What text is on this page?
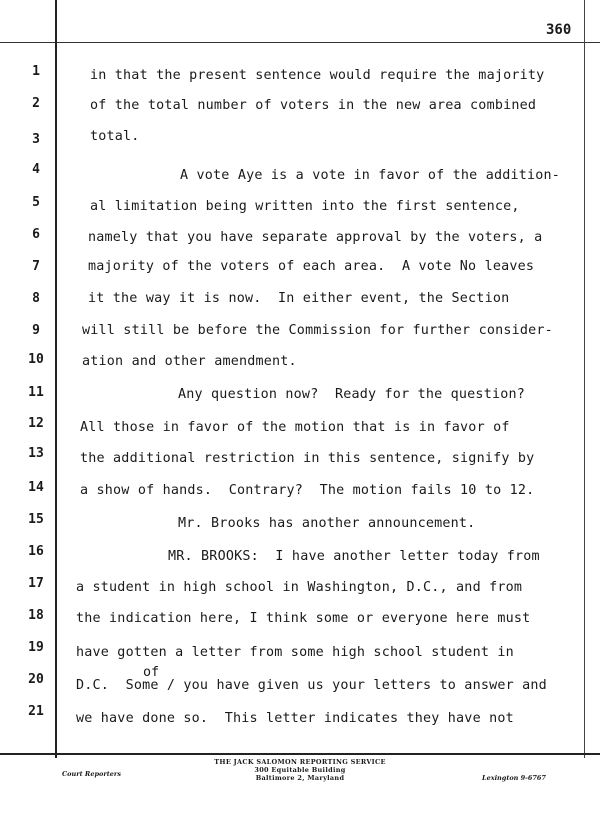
360
1	in that the present sentence would require the majority
2	of the total number of voters in the new area combined
3	total.
4	A vote Aye is a vote in favor of the addition-
5	al limitation being written into the first sentence,
6	namely that you have separate approval by the voters, a
7	majority of the voters of each area.  A vote No leaves
8	it the way it is now.  In either event, the Section
9	will still be before the Commission for further consider-
10	ation and other amendment.
11	Any question now?  Ready for the question?
12	All those in favor of the motion that is in favor of
13	the additional restriction in this sentence, signify by
14	a show of hands.  Contrary?  The motion fails 10 to 12.
15	Mr. Brooks has another announcement.
16	MR. BROOKS:  I have another letter today from
17 a student in high school in Washington, D.C., and from
18 the indication here, I think some or everyone here must
19 have gotten a letter from some high school student in
20 D.C.  Some / you have given us your letters to answer and
21 we have done so.  This letter indicates they have not
of
THE JACK SALOMON REPORTING SERVICE
300 Equitable Building
Baltimore 2, Maryland
Court Reporters	Lexington 9-6767
